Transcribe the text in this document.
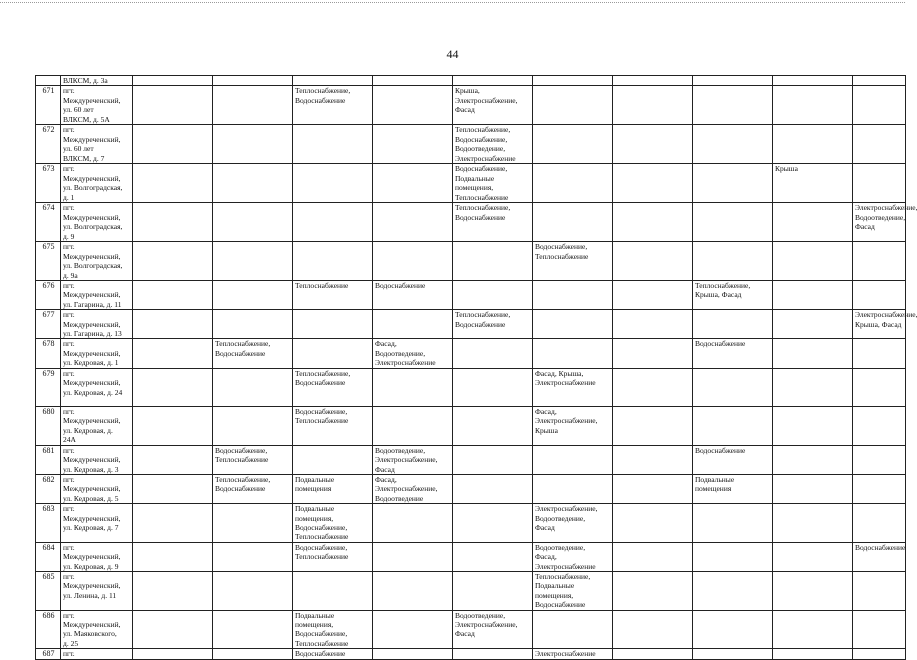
44
	ВЛКСМ, д. 3а										
671	пгт.
Междуреченский,
ул. 60 лет
ВЛКСМ, д. 5А			Теплоснабжение,
Водоснабжение		Крыша,
Электроснабжение,
Фасад					
672	пгт.
Междуреченский,
ул. 60 лет
ВЛКСМ, д. 7					Теплоснабжение,
Водоснабжение,
Водоотведение,
Электроснабжение					
673	пгт.
Междуреченский,
ул. Волгоградская,
д. 1					Водоснабжение,
Подвальные
помещения,
Теплоснабжение				Крыша	
674	пгт.
Междуреченский,
ул. Волгоградская,
д. 9					Теплоснабжение,
Водоснабжение					Электроснабжение,
Водоотведение,
Фасад
675	пгт.
Междуреченский,
ул. Волгоградская,
д. 9а						Водоснабжение,
Теплоснабжение				
676	пгт.
Междуреченский,
ул. Гагарина, д. 11			Теплоснабжение	Водоснабжение				Теплоснабжение,
Крыша, Фасад		
677	пгт.
Междуреченский,
ул. Гагарина, д. 13					Теплоснабжение,
Водоснабжение					Электроснабжение,
Крыша, Фасад
678	пгт.
Междуреченский,
ул. Кедровая, д. 1		Теплоснабжение,
Водоснабжение		Фасад,
Водоотведение,
Электроснабжение				Водоснабжение		
679	пгт.
Междуреченский,
ул. Кедровая, д. 24			Теплоснабжение,
Водоснабжение			Фасад, Крыша,
Электроснабжение				
680	пгт.
Междуреченский,
ул. Кедровая, д.
24А			Водоснабжение,
Теплоснабжение			Фасад,
Электроснабжение,
Крыша				
681	пгт.
Междуреченский,
ул. Кедровая, д. 3		Водоснабжение,
Теплоснабжение		Водоотведение,
Электроснабжение,
Фасад				Водоснабжение		
682	пгт.
Междуреченский,
ул. Кедровая, д. 5		Теплоснабжение,
Водоснабжение	Подвальные
помещения	Фасад,
Электроснабжение,
Водоотведение				Подвальные
помещения		
683	пгт.
Междуреченский,
ул. Кедровая, д. 7			Подвальные
помещения,
Водоснабжение,
Теплоснабжение			Электроснабжение,
Водоотведение,
Фасад				
684	пгт.
Междуреченский,
ул. Кедровая, д. 9			Водоснабжение,
Теплоснабжение			Водоотведение,
Фасад,
Электроснабжение				Водоснабжение
685	пгт.
Междуреченский,
ул. Ленина, д. 11						Теплоснабжение,
Подвальные
помещения,
Водоснабжение				
686	пгт.
Междуреченский,
ул. Маяковского,
д. 25			Подвальные
помещения,
Водоснабжение,
Теплоснабжение		Водоотведение,
Электроснабжение,
Фасад					
687	пгт.			Водоснабжение			Электроснабжение				
